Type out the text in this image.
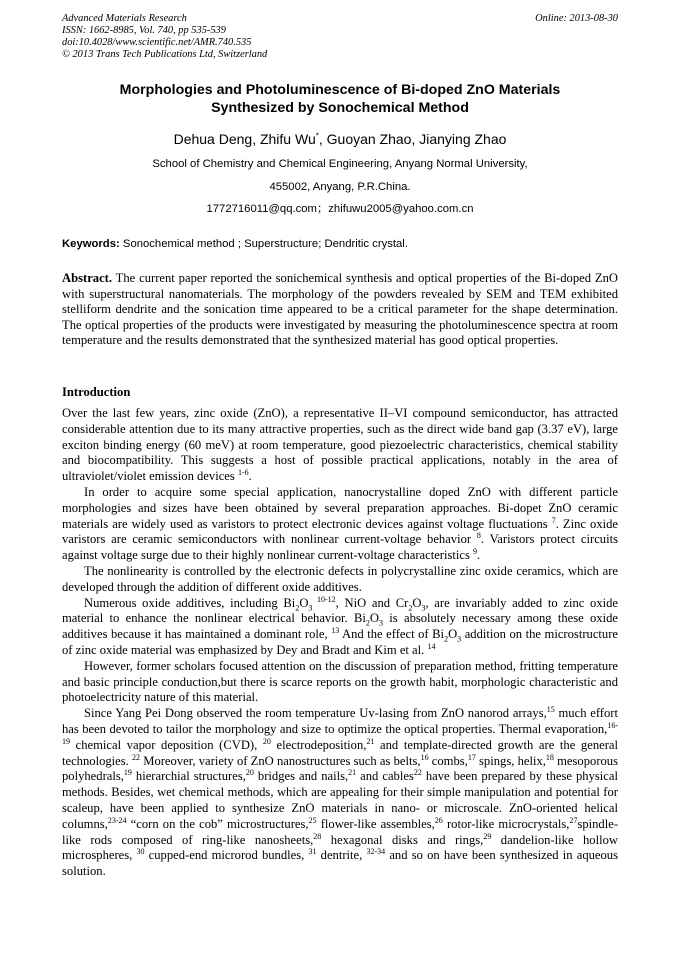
Advanced Materials Research
ISSN: 1662-8985, Vol. 740, pp 535-539
doi:10.4028/www.scientific.net/AMR.740.535
© 2013 Trans Tech Publications Ltd, Switzerland
Online: 2013-08-30
Morphologies and Photoluminescence of Bi-doped ZnO Materials
Synthesized by Sonochemical Method
Dehua Deng, Zhifu Wu*, Guoyan Zhao, Jianying Zhao
School of Chemistry and Chemical Engineering, Anyang Normal University,
455002, Anyang, P.R.China.
1772716011@qq.com；zhifuwu2005@yahoo.com.cn
Keywords: Sonochemical method ; Superstructure; Dendritic crystal.
Abstract. The current paper reported the sonichemical synthesis and optical properties of the Bi-doped ZnO with superstructural nanomaterials. The morphology of the powders revealed by SEM and TEM exhibited stelliform dendrite and the sonication time appeared to be a critical parameter for the shape determination. The optical properties of the products were investigated by measuring the photoluminescence spectra at room temperature and the results demonstrated that the synthesized material has good optical properties.
Introduction

Over the last few years, zinc oxide (ZnO), a representative II–VI compound semiconductor, has attracted considerable attention due to its many attractive properties, such as the direct wide band gap (3.37 eV), large exciton binding energy (60 meV) at room temperature, good piezoelectric characteristics, chemical stability and biocompatibility. This suggests a host of possible practical applications, notably in the area of ultraviolet/violet emission devices $^{1-6}$.

In order to acquire some special application, nanocrystalline doped ZnO with different particle morphologies and sizes have been obtained by several preparation approaches. Bi-dopet ZnO ceramic materials are widely used as varistors to protect electronic devices against voltage fluctuations $^7$. Zinc oxide varistors are ceramic semiconductors with nonlinear current-voltage behavior $^8$. Varistors protect circuits against voltage surge due to their highly nonlinear current-voltage characteristics $^9$.

The nonlinearity is controlled by the electronic defects in polycrystalline zinc oxide ceramics, which are developed through the addition of different oxide additives.

Numerous oxide additives, including $Bi_2O_3$ $^{10-12}$, NiO and $Cr_2O_3$, are invariably added to zinc oxide material to enhance the nonlinear electrical behavior. $Bi_2O_3$ is absolutely necessary among these oxide additives because it has maintained a dominant role, $^{13}$ And the effect of $Bi_2O_3$ addition on the microstructure of zinc oxide material was emphasized by Dey and Bradt and Kim et al. $^{14}$

However, former scholars focused attention on the discussion of preparation method, fritting temperature and basic principle conduction,but there is scarce reports on the growth habit, morphologic characteristic and photoelectricity nature of this material.

Since Yang Pei Dong observed the room temperature Uv-lasing from ZnO nanorod arrays,$^{15}$ much effort has been devoted to tailor the morphology and size to optimize the optical properties. Thermal evaporation,$^{16-19}$ chemical vapor deposition (CVD), $^{20}$ electrodeposition,$^{21}$ and template-directed growth are the general technologies. $^{22}$ Moreover, variety of ZnO nanostructures such as belts,$^{16}$ combs,$^{17}$ spings, helix,$^{18}$ mesoporous polyhedrals,$^{19}$ hierarchial structures,$^{20}$ bridges and nails,$^{21}$ and cables$^{22}$ have been prepared by these physical methods. Besides, wet chemical methods, which are appealing for their simple manipulation and potential for scaleup, have been applied to synthesize ZnO materials in nano- or microscale. ZnO-oriented helical columns,$^{23-24}$ “corn on the cob” microstructures,$^{25}$ flower-like assembles,$^{26}$ rotor-like microcrystals,$^{27}$spindle-like rods composed of ring-like nanosheets,$^{28}$ hexagonal disks and rings,$^{29}$ dandelion-like hollow microspheres, $^{30}$ cupped-end microrod bundles, $^{31}$ dentrite, $^{32-34}$ and so on have been synthesized in aqueous solution.
